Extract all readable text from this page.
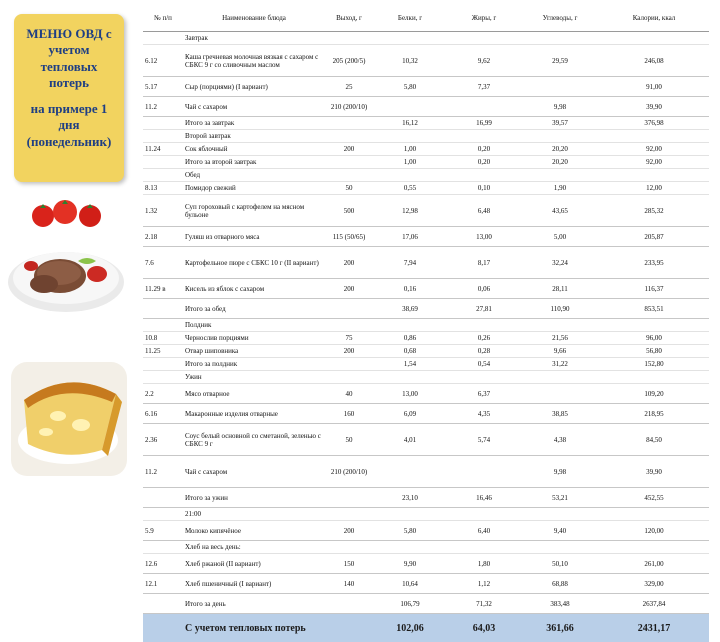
МЕНЮ ОВД с учетом тепловых потерь
на примере 1 дня (понедельник)
№ п/п	Наименование блюда	Выход, г	Белки, г	Жиры, г	Углеводы, г	Калории, ккал
	Завтрак					
6.12	Каша гречневая молочная вязкая с сахаром с СБКС 9 г со сливочным маслом	205 (200/5)	10,32	9,62	29,59	246,08
5.17	Сыр (порциями) (I вариант)	25	5,80	7,37		91,00
11.2	Чай с сахаром	210 (200/10)			9,98	39,90
	Итого за завтрак		16,12	16,99	39,57	376,98
	Второй завтрак					
11.24	Сок яблочный	200	1,00	0,20	20,20	92,00
	Итого за второй завтрак		1,00	0,20	20,20	92,00
	Обед					
8.13	Помидор свежий	50	0,55	0,10	1,90	12,00
1.32	Суп гороховый с картофелем на мясном бульоне	500	12,98	6,48	43,65	285,32
2.18	Гуляш из отварного мяса	115 (50/65)	17,06	13,00	5,00	205,87
7.6	Картофельное пюре с СБКС 10 г (II вариант)	200	7,94	8,17	32,24	233,95
11.29 в	Кисель из яблок с сахаром	200	0,16	0,06	28,11	116,37
	Итого за обед		38,69	27,81	110,90	853,51
	Полдник					
10.8	Чернослив порциями	75	0,86	0,26	21,56	96,00
11.25	Отвар шиповника	200	0,68	0,28	9,66	56,80
	Итого за полдник		1,54	0,54	31,22	152,80
	Ужин					
2.2	Мясо отварное	40	13,00	6,37		109,20
6.16	Макаронные изделия отварные	160	6,09	4,35	38,85	218,95
2.36	Соус белый основной со сметаной, зеленью с СБКС 9 г	50	4,01	5,74	4,38	84,50
11.2	Чай с сахаром	210 (200/10)			9,98	39,90
	Итого за ужин		23,10	16,46	53,21	452,55
	21:00					
5.9	Молоко кипячёное	200	5,80	6,40	9,40	120,00
	Хлеб на весь день:					
12.6	Хлеб ржаной (II вариант)	150	9,90	1,80	50,10	261,00
12.1	Хлеб пшеничный (I вариант)	140	10,64	1,12	68,88	329,00
	Итого за день		106,79	71,32	383,48	2637,84
	С учетом тепловых потерь		102,06	64,03	361,66	2431,17
